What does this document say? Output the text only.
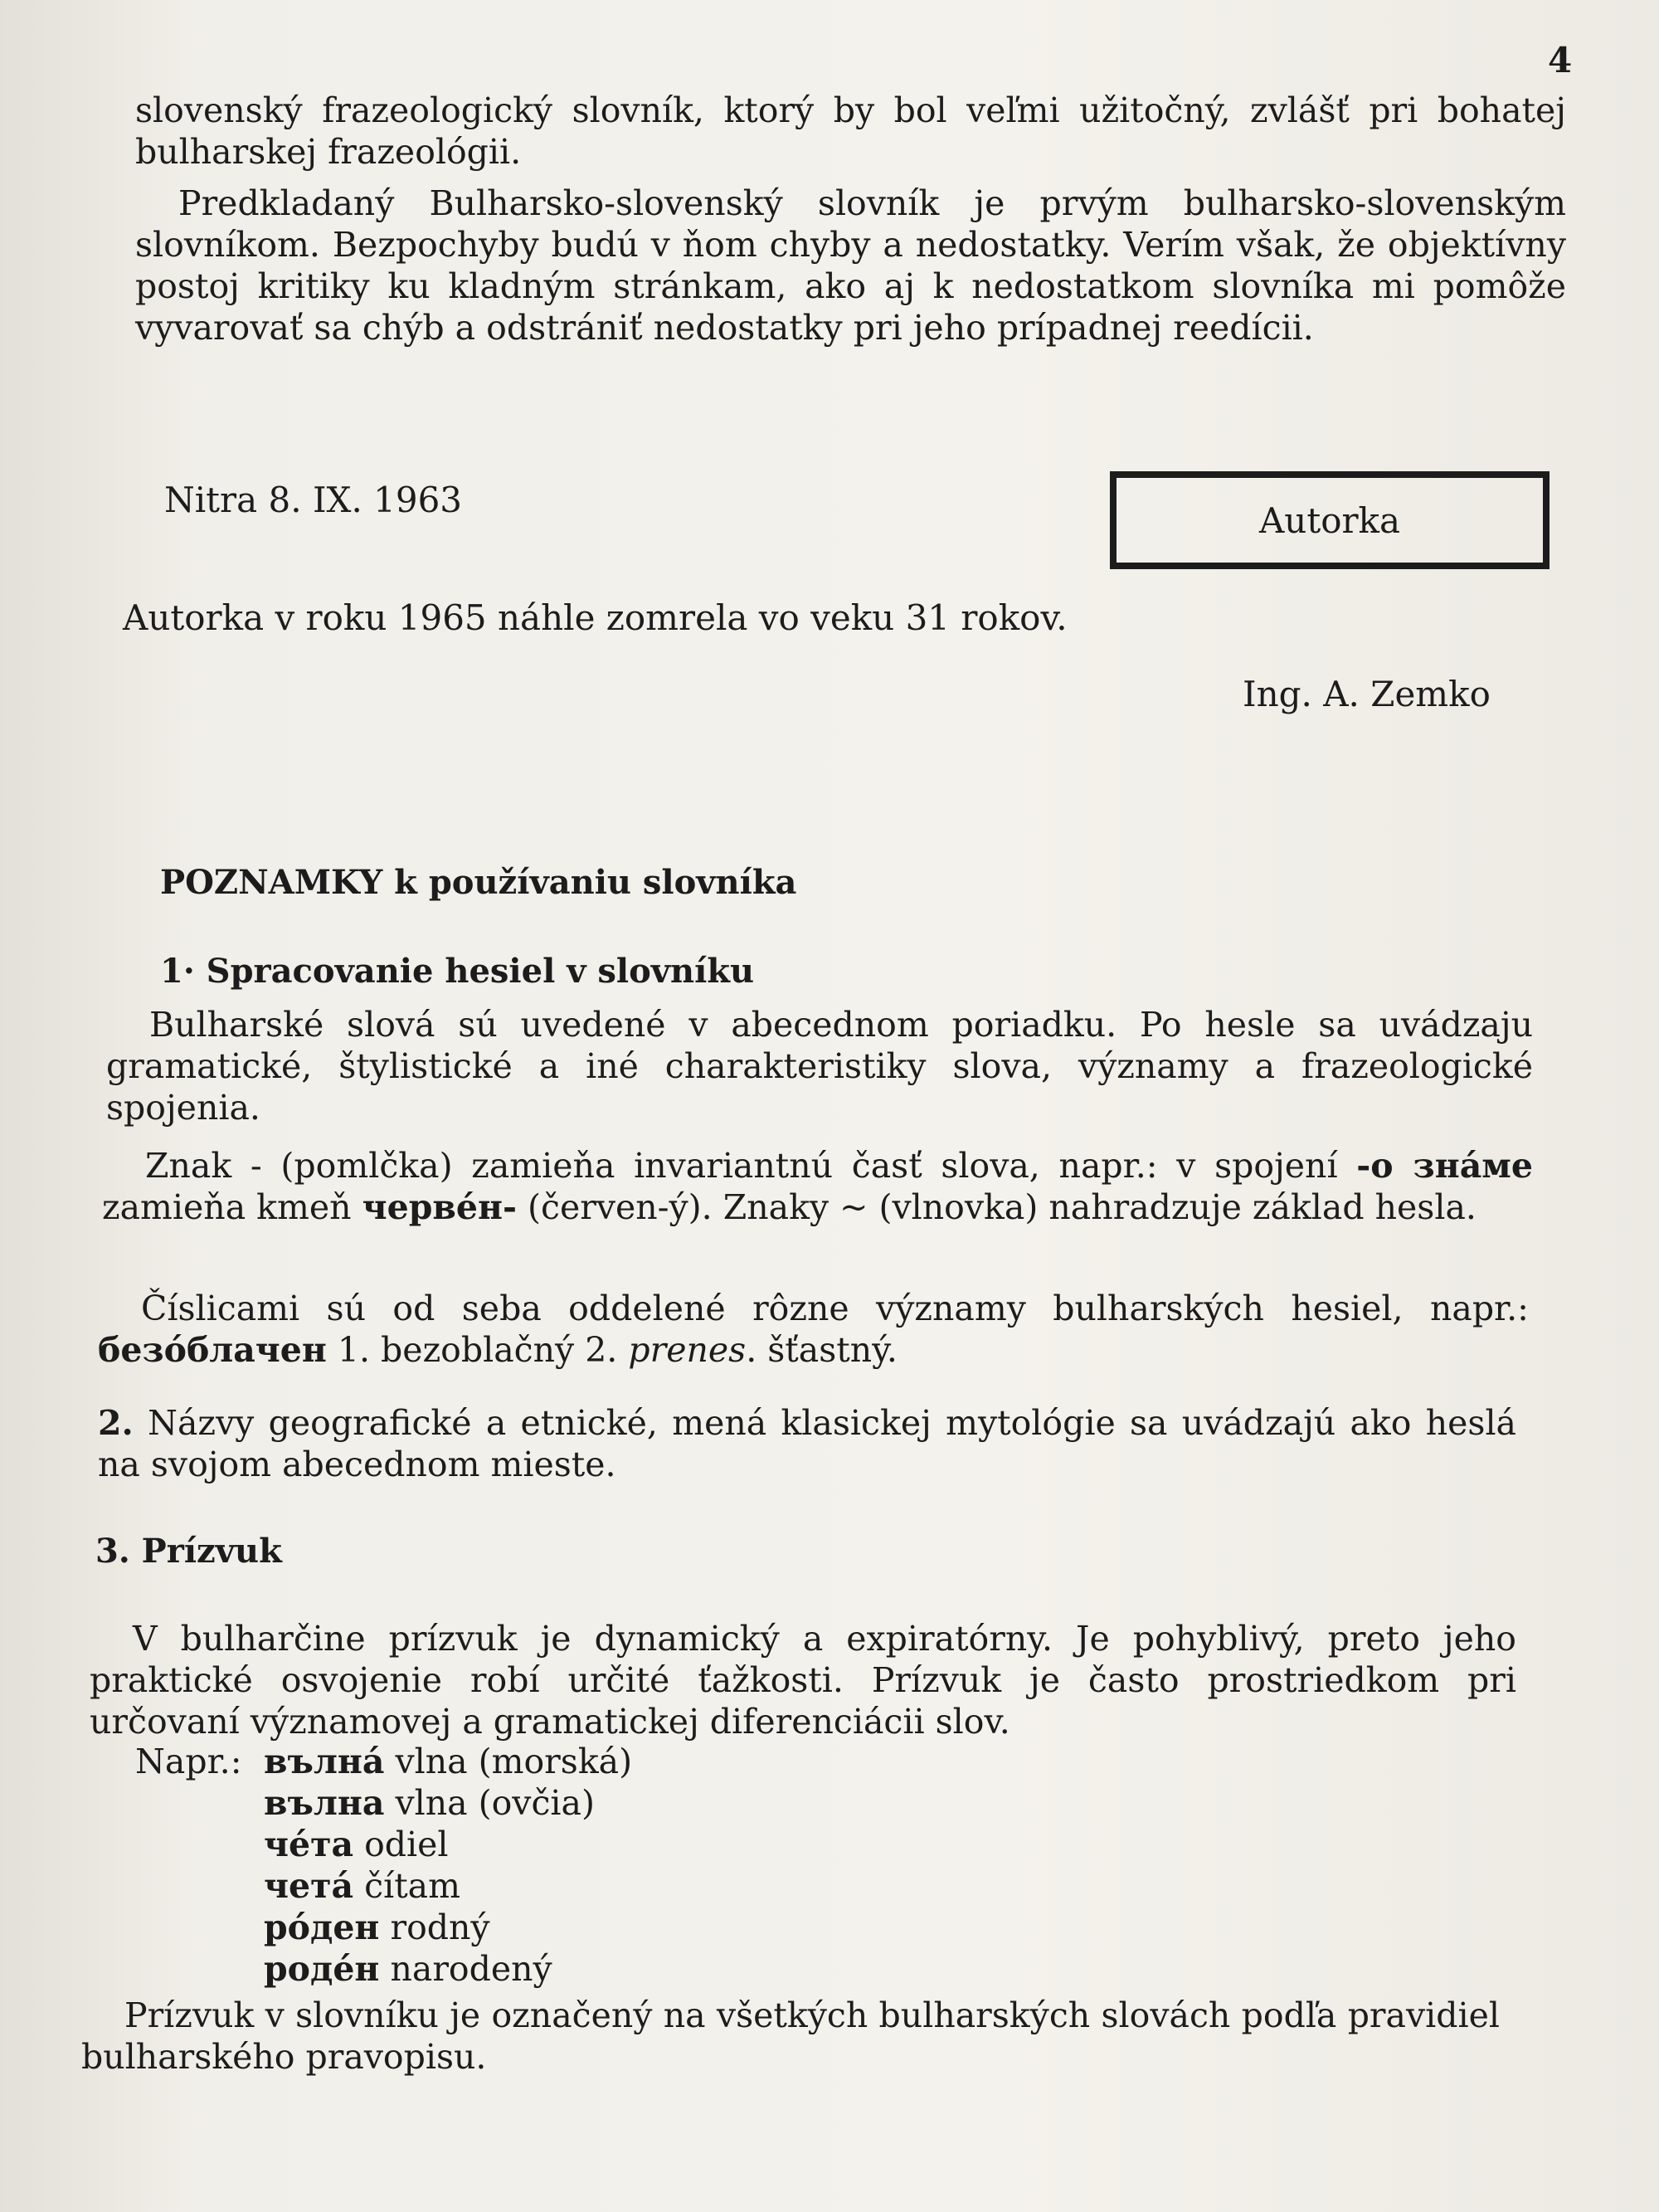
4

slovenský frazeologický slovník, ktorý by bol veľmi užitočný, zvlášť pri bohatej bulharskej frazeológii.

Predkladaný Bulharsko-slovenský slovník je prvým bulharsko-slovenským slovníkom. Bezpochyby budú v ňom chyby a nedostatky. Verím však, že objektívny postoj kritiky ku kladným stránkam, ako aj k nedostatkom slovníka mi pomôže vyvarovať sa chýb a odstrániť nedostatky pri jeho prípadnej reedícii.

Nitra 8. IX. 1963	Autorka
Autorka v roku 1965 náhle zomrela vo veku 31 rokov.
Ing. A. Zemko
POZNAMKY k používaniu slovníka
1· Spracovanie hesiel v slovníku

Bulharské slová sú uvedené v abecednom poriadku. Po hesle sa uvádzaju gramatické, štylistické a iné charakteristiky slova, významy a frazeologické spojenia.

Znak - (pomlčka) zamieňa invariantnú časť slova, napr.: v spojení -о знáме zamieňa kmeň червéн- (červen-ý). Znaky ~ (vlnovka) nahradzuje základ hesla.

Číslicami sú od seba oddelené rôzne významy bulharských hesiel, napr.: безóблачен 1. bezoblačný 2. prenes. šťastný.

2. Názvy geografické a etnické, mená klasickej mytológie sa uvádzajú ako heslá na svojom abecednom mieste.

3. Prízvuk

V bulharčine prízvuk je dynamický a expiratórny. Je pohyblivý, preto jeho praktické osvojenie robí určité ťažkosti. Prízvuk je často prostriedkom pri určovaní významovej a gramatickej diferenciácii slov.

Napr.: вълнá vlna (morská)
вълна vlna (ovčia)
чéта odiel
четá čítam
рóден rodný
родéн narodený

Prízvuk v slovníku je označený na všetkých bulharských slovách podľa pravidiel bulharského pravopisu.
